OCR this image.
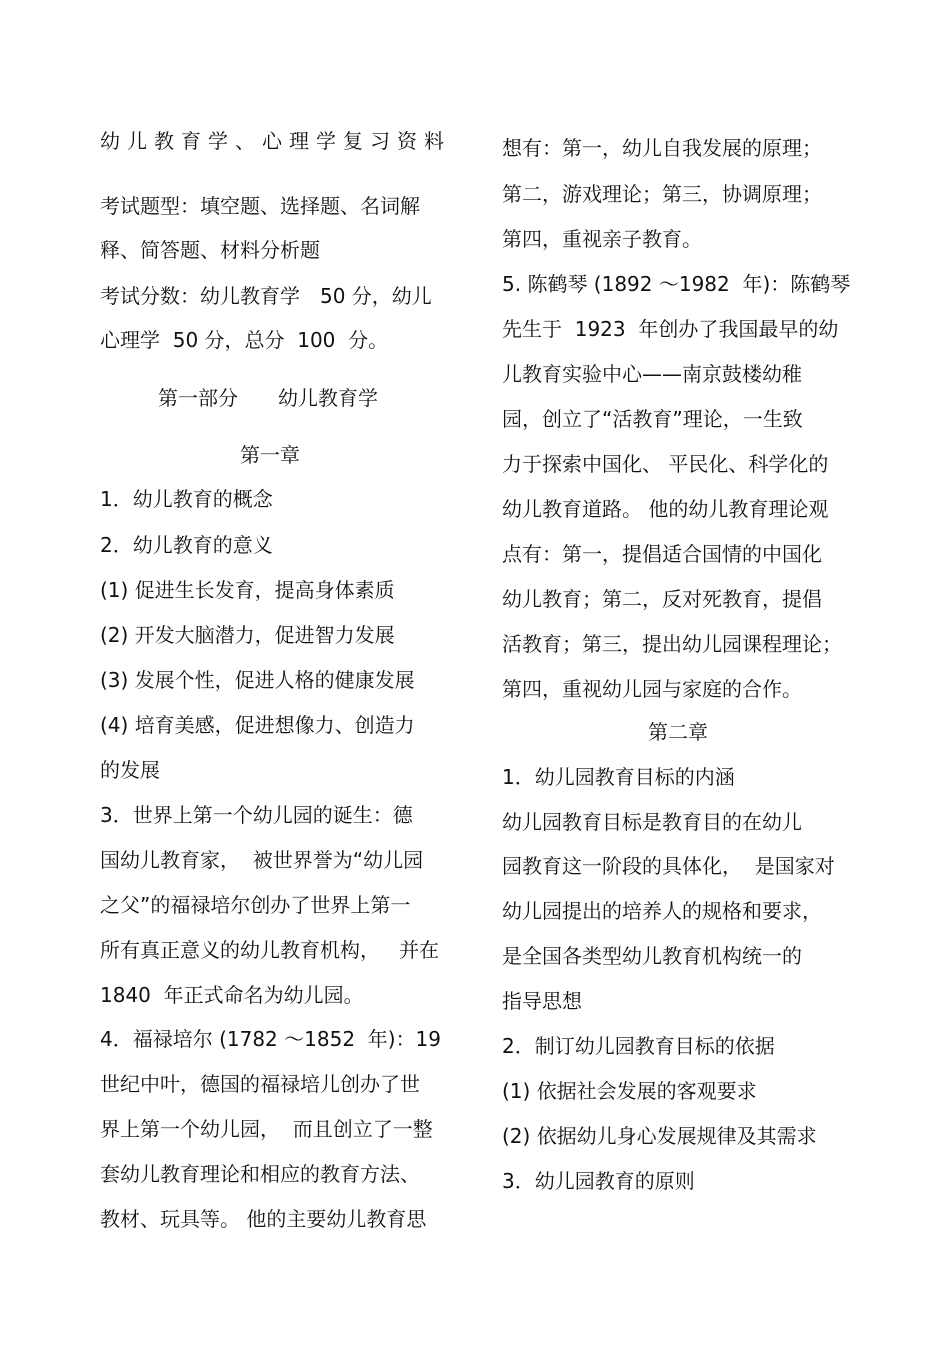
幼儿教育学、心理学复习资料
考试题型：填空题、选择题、名词解
释、简答题、材料分析题
考试分数：幼儿教育学　50 分，幼儿
心理学  50 分，总分  100  分。
第一部分　　幼儿教育学
第一章
1．幼儿教育的概念
2．幼儿教育的意义
(1) 促进生长发育，提高身体素质
(2) 开发大脑潜力，促进智力发展
(3) 发展个性，促进人格的健康发展
(4) 培育美感，促进想像力、创造力
的发展
3．世界上第一个幼儿园的诞生：德
国幼儿教育家，  被世界誉为“幼儿园
之父”的福禄培尔创办了世界上第一
所有真正意义的幼儿教育机构，   并在
1840  年正式命名为幼儿园。
4．福禄培尔 (1782 ～1852  年)：19
世纪中叶，德国的福禄培儿创办了世
界上第一个幼儿园，  而且创立了一整
套幼儿教育理论和相应的教育方法、
教材、玩具等。 他的主要幼儿教育思
想有：第一，幼儿自我发展的原理；
第二，游戏理论；第三，协调原理；
第四，重视亲子教育。
5. 陈鹤琴 (1892 ～1982  年)：陈鹤琴
先生于  1923  年创办了我国最早的幼
儿教育实验中心——南京鼓楼幼稚
园，创立了“活教育”理论，一生致
力于探索中国化、 平民化、科学化的
幼儿教育道路。 他的幼儿教育理论观
点有：第一，提倡适合国情的中国化
幼儿教育；第二，反对死教育，提倡
活教育；第三，提出幼儿园课程理论；
第四，重视幼儿园与家庭的合作。
第二章
1．幼儿园教育目标的内涵
幼儿园教育目标是教育目的在幼儿
园教育这一阶段的具体化，  是国家对
幼儿园提出的培养人的规格和要求，
是全国各类型幼儿教育机构统一的
指导思想
2．制订幼儿园教育目标的依据
(1) 依据社会发展的客观要求
(2) 依据幼儿身心发展规律及其需求
3．幼儿园教育的原则
